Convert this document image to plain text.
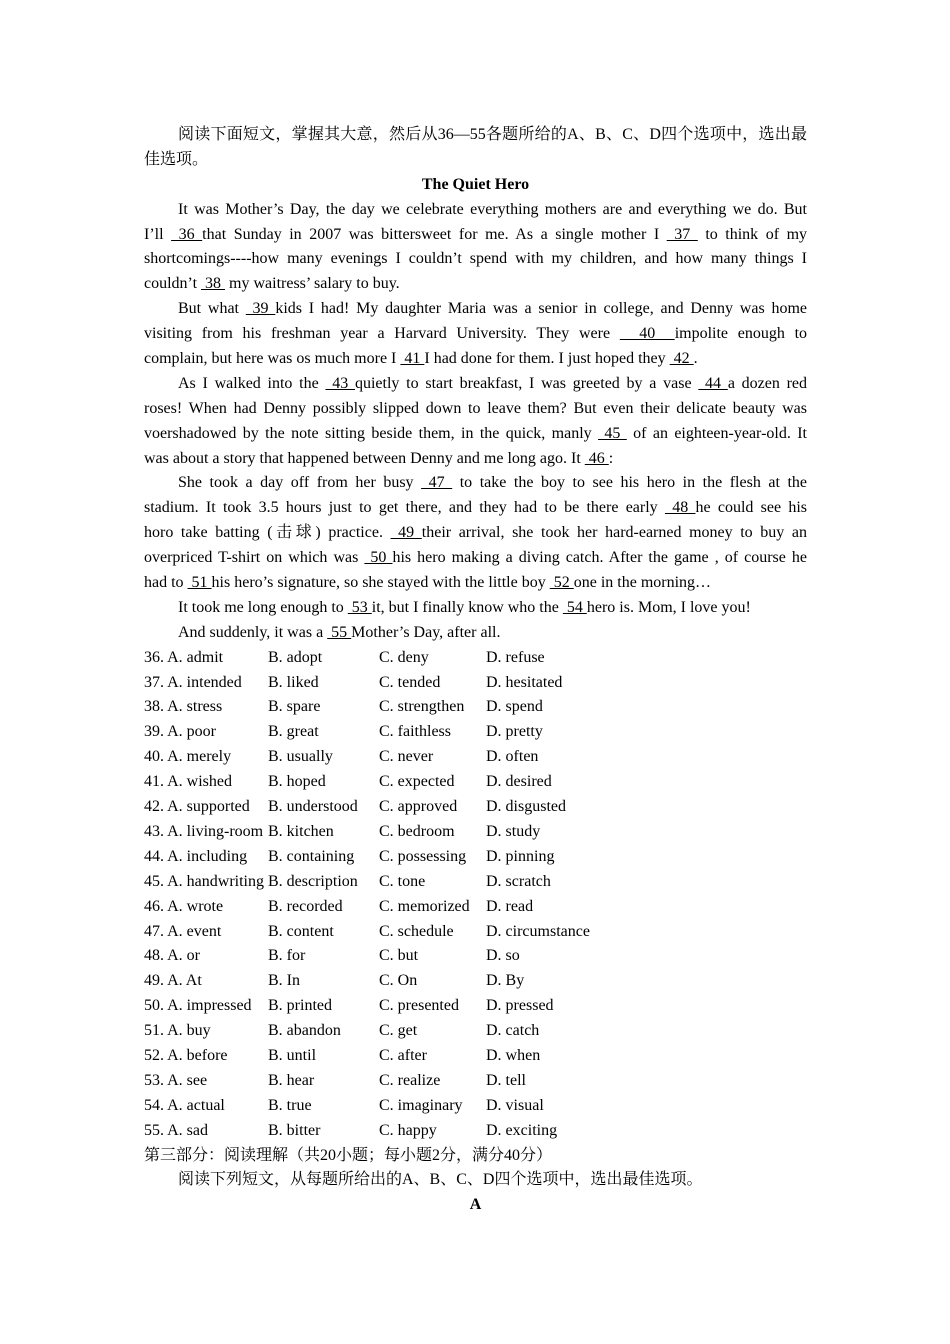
阅读下面短文，掌握其大意，然后从36—55各题所给的A、B、C、D四个选项中，选出最
佳选项。
The Quiet Hero
It was Mother’s Day, the day we celebrate everything mothers are and everything we do. But
I’ll  36 that Sunday in 2007 was bittersweet for me. As a single mother I  37  to think of my
shortcomings----how many evenings I couldn’t spend with my children, and how many things I
couldn’t  38  my waitress’ salary to buy.
But what  39 kids I had! My daughter Maria was a senior in college, and Denny was home
visiting from his freshman year a Harvard University. They were   40  impolite enough to
complain, but here was os much more I  41 I had done for them. I just hoped they  42 .
As I walked into the  43 quietly to start breakfast, I was greeted by a vase  44 a dozen red
roses! When had Denny possibly slipped down to leave them? But even their delicate beauty was
voershadowed by the note sitting beside them, in the quick, manly  45  of an eighteen-year-old. It
was about a story that happened between Denny and me long ago. It  46 :
She took a day off from her busy  47  to take the boy to see his hero in the flesh at the
stadium. It took 3.5 hours just to get there, and they had to be there early  48 he could see his
horo take batting (击球) practice.  49 their arrival, she took her hard-earned money to buy an
overpriced T-shirt on which was  50 his hero making a diving catch. After the game , of course he
had to  51 his hero’s signature, so she stayed with the little boy  52 one in the morning…
It took me long enough to  53 it, but I finally know who the  54 hero is. Mom, I love you!
And suddenly, it was a  55 Mother’s Day, after all.
36. A. admit	B. adopt	C. deny	D. refuse
37. A. intended	B. liked	C. tended	D. hesitated
38. A. stress	B. spare	C. strengthen	D. spend
39. A. poor	B. great	C. faithless	D. pretty
40. A. merely	B. usually	C. never	D. often
41. A. wished	B. hoped	C. expected	D. desired
42. A. supported	B. understood	C. approved	D. disgusted
43. A. living-room B. kitchen	C. bedroom	D. study
44. A. including	B. containing	C. possessing	D. pinning
45. A. handwriting B. description	C. tone	D. scratch
46. A. wrote	B. recorded	C. memorized	D. read
47. A. event	B. content	C. schedule	D. circumstance
48. A. or	B. for	C. but	D. so
49. A. At	B. In	C. On	D. By
50. A. impressed	B. printed	C. presented	D. pressed
51. A. buy	B. abandon	C. get	D. catch
52. A. before	B. until	C. after	D. when
53. A. see	B. hear	C. realize	D. tell
54. A. actual	B. true	C. imaginary	D. visual
55. A. sad	B. bitter	C. happy	D. exciting
第三部分：阅读理解（共20小题；每小题2分，满分40分）
阅读下列短文，从每题所给出的A、B、C、D四个选项中，选出最佳选项。
A
